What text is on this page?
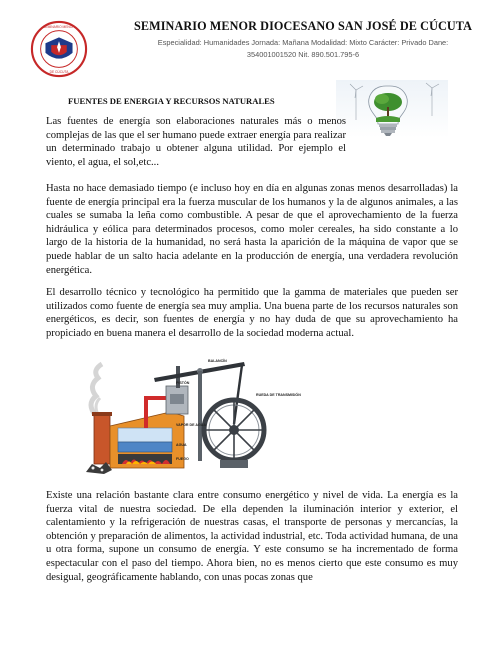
SEMINARIO MENOR
DE CÚCUTA
SEMINARIO MENOR DIOCESANO SAN JOSÉ DE CÚCUTA
Especialidad: Humanidades Jornada: Mañana Modalidad: Mixto Carácter: Privado Dane:
354001001520 Nit. 890.501.795-6
FUENTES DE ENERGIA Y RECURSOS NATURALES

Las fuentes de energía son elaboraciones naturales más o menos complejas de las que el ser humano puede extraer energía para realizar un determinado trabajo u obtener alguna utilidad. Por ejemplo el viento, el agua, el sol,etc...

Hasta no hace demasiado tiempo (e incluso hoy en día en algunas zonas menos desarrolladas) la fuente de energía principal era la fuerza muscular de los humanos y la de algunos animales, a las cuales se sumaba la leña como combustible. A pesar de que el aprovechamiento de la fuerza hidráulica y eólica para determinados procesos, como moler cereales, ha sido constante a lo largo de la historia de la humanidad, no será hasta la aparición de la máquina de vapor que se puede hablar de un salto hacia adelante en la producción de energía, una verdadera revolución energética.

El desarrollo técnico y tecnológico ha permitido que la gamma de materiales que pueden ser utilizados como fuente de energía sea muy amplia. Una buena parte de los recursos naturales son energéticos, es decir, son fuentes de energía y no hay duda de que su aprovechamiento ha propiciado en buena manera el desarrollo de la sociedad moderna actual.

BALANCÍN
PISTÓN
RUEDA DE TRANSMISIÓN
VAPOR DE AGUA
AGUA
FUEGO

Existe una relación bastante clara entre consumo energético y nivel de vida. La energía es la fuerza vital de nuestra sociedad. De ella dependen la iluminación interior y exterior, el calentamiento y la refrigeración de nuestras casas, el transporte de personas y mercancías, la obtención y preparación de alimentos, la actividad industrial, etc. Toda actividad humana, de una u otra forma, supone un consumo de energía. Y este consumo se ha incrementado de forma espectacular con el paso del tiempo. Ahora bien, no es menos cierto que este consumo es muy desigual, geográficamente hablando, con unas pocas zonas que
